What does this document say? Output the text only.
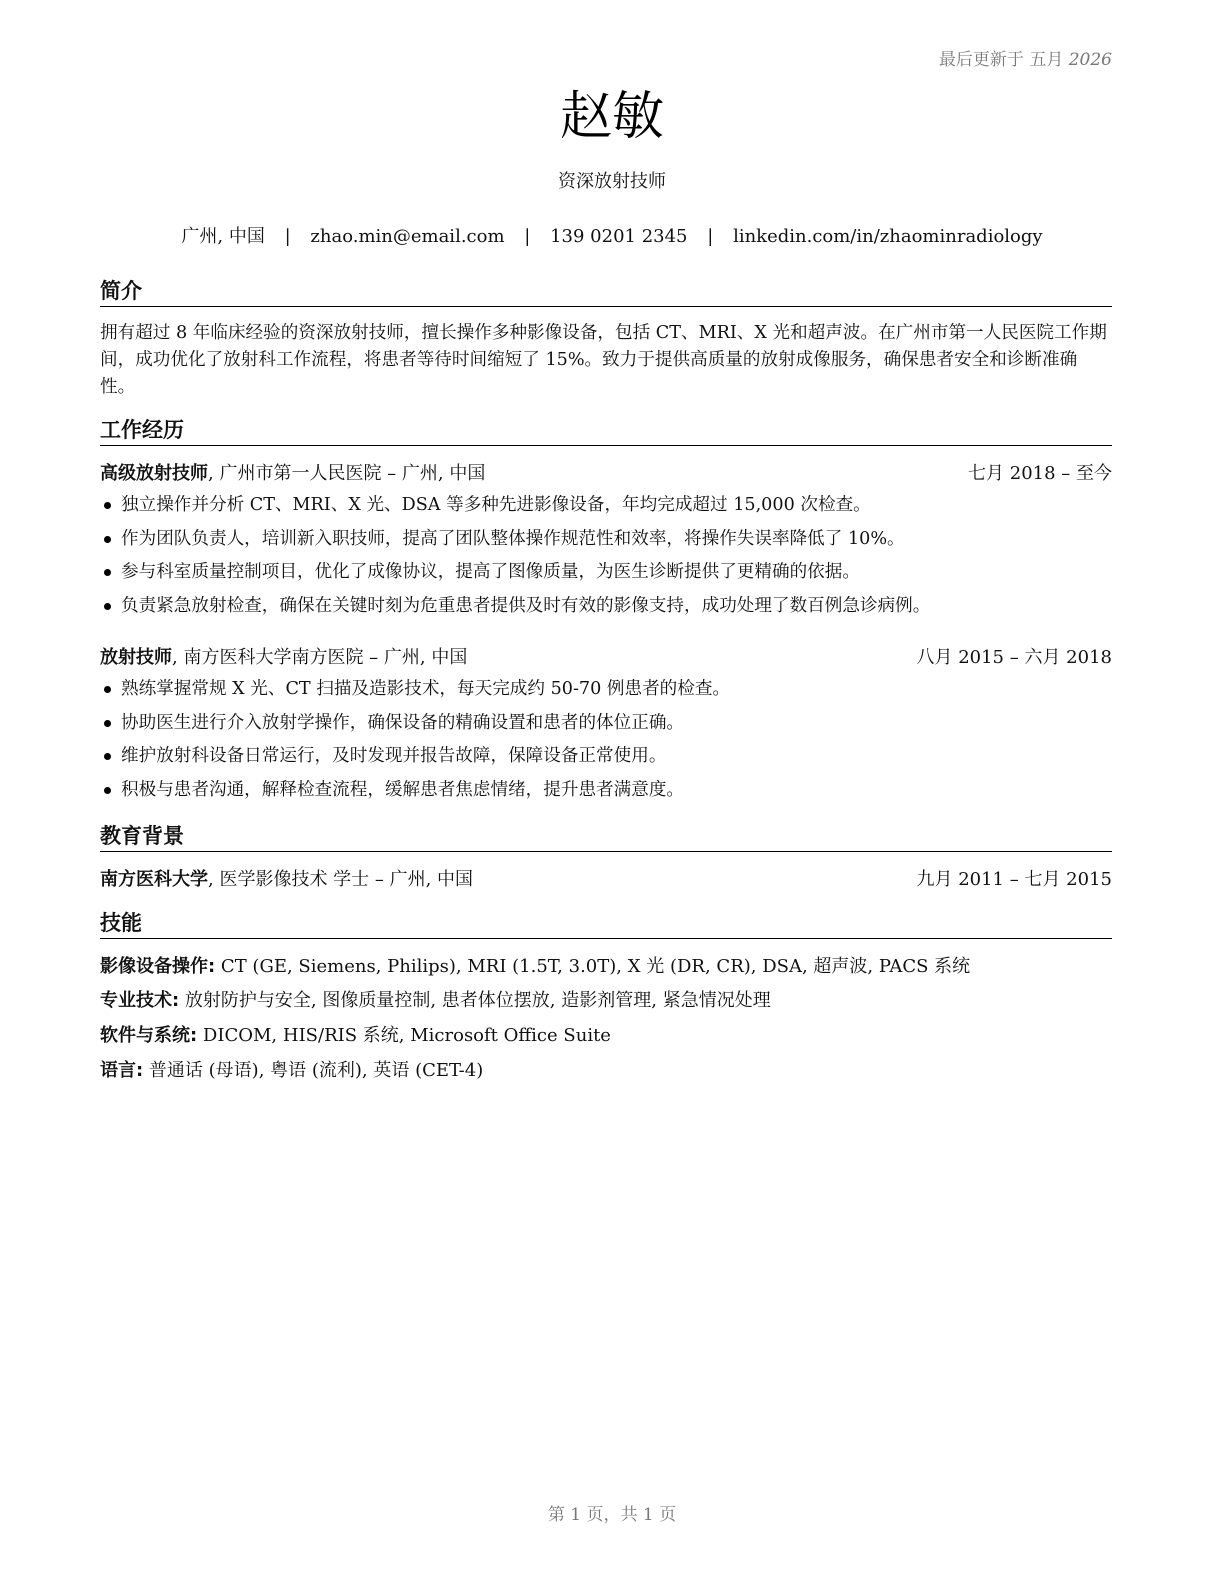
最后更新于 五月 2026
赵敏
资深放射技师
广州, 中国 | zhao.min@email.com | 139 0201 2345 | linkedin.com/in/zhaominradiology
简介
拥有超过 8 年临床经验的资深放射技师，擅长操作多种影像设备，包括 CT、MRI、X 光和超声波。在广州市第一人民医院工作期间，成功优化了放射科工作流程，将患者等待时间缩短了 15%。致力于提供高质量的放射成像服务，确保患者安全和诊断准确性。
工作经历
高级放射技师, 广州市第一人民医院 – 广州, 中国	七月 2018 – 至今
独立操作并分析 CT、MRI、X 光、DSA 等多种先进影像设备，年均完成超过 15,000 次检查。
作为团队负责人，培训新入职技师，提高了团队整体操作规范性和效率，将操作失误率降低了 10%。
参与科室质量控制项目，优化了成像协议，提高了图像质量，为医生诊断提供了更精确的依据。
负责紧急放射检查，确保在关键时刻为危重患者提供及时有效的影像支持，成功处理了数百例急诊病例。
放射技师, 南方医科大学南方医院 – 广州, 中国	八月 2015 – 六月 2018
熟练掌握常规 X 光、CT 扫描及造影技术，每天完成约 50-70 例患者的检查。
协助医生进行介入放射学操作，确保设备的精确设置和患者的体位正确。
维护放射科设备日常运行，及时发现并报告故障，保障设备正常使用。
积极与患者沟通，解释检查流程，缓解患者焦虑情绪，提升患者满意度。
教育背景
南方医科大学, 医学影像技术 学士 – 广州, 中国	九月 2011 – 七月 2015
技能
影像设备操作: CT (GE, Siemens, Philips), MRI (1.5T, 3.0T), X 光 (DR, CR), DSA, 超声波, PACS 系统
专业技术: 放射防护与安全, 图像质量控制, 患者体位摆放, 造影剂管理, 紧急情况处理
软件与系统: DICOM, HIS/RIS 系统, Microsoft Office Suite
语言: 普通话 (母语), 粤语 (流利), 英语 (CET-4)
第 1 页，共 1 页
